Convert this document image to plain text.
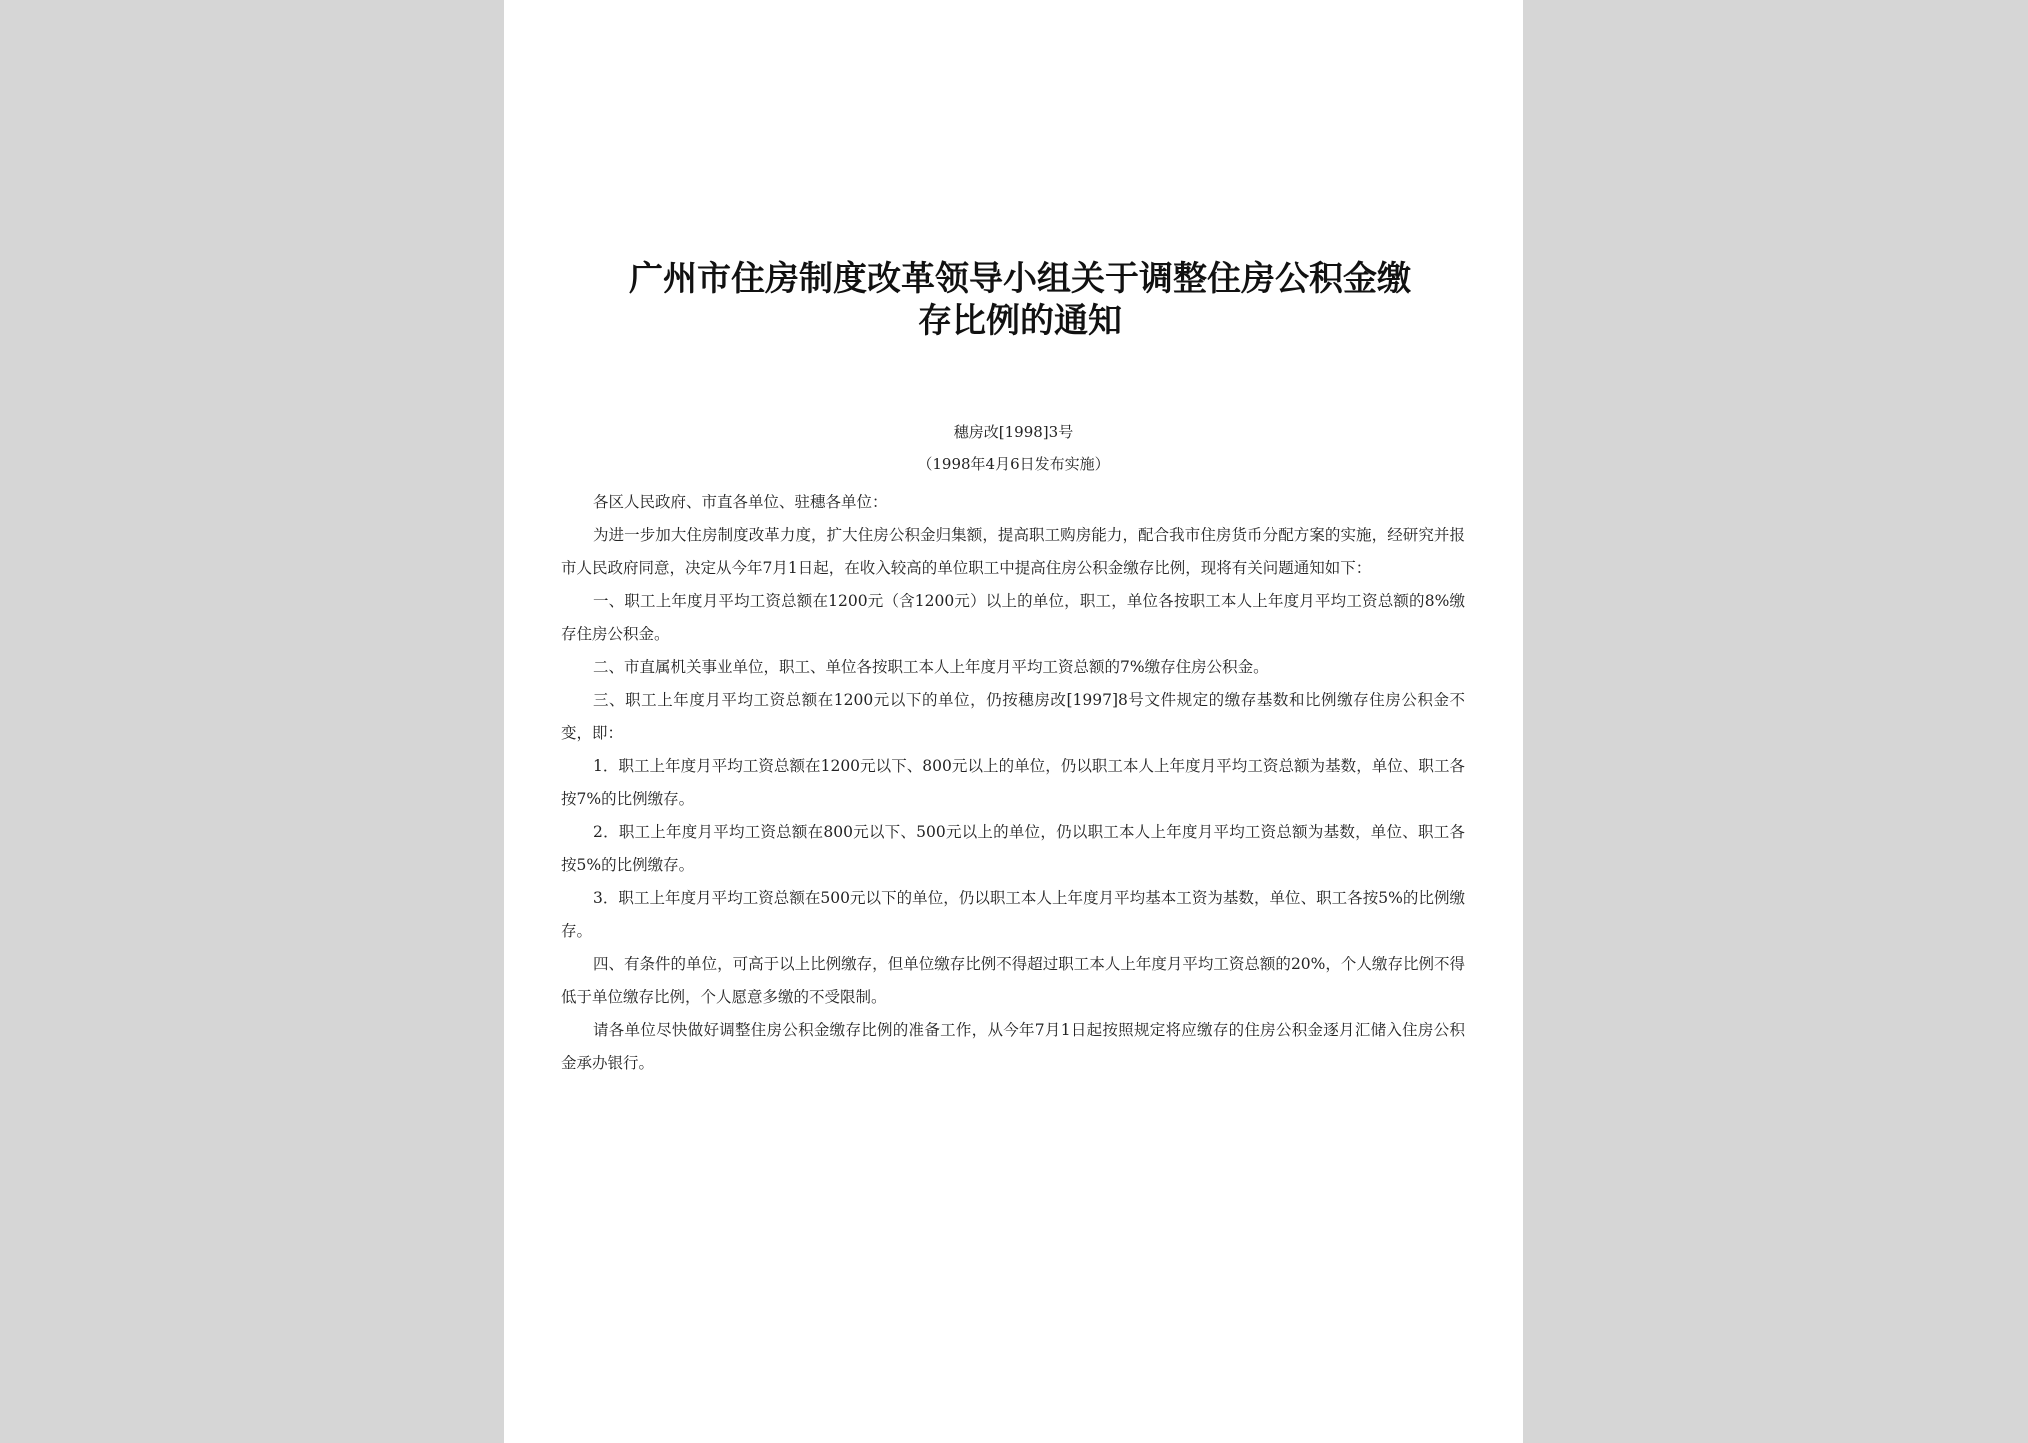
广州市住房制度改革领导小组关于调整住房公积金缴
存比例的通知
穗房改[1998]3号
（1998年4月6日发布实施）

各区人民政府、市直各单位、驻穗各单位：

为进一步加大住房制度改革力度，扩大住房公积金归集额，提高职工购房能力，配合我市住房货币分配方案的实施，经研究并报市人民政府同意，决定从今年7月1日起，在收入较高的单位职工中提高住房公积金缴存比例，现将有关问题通知如下：

一、职工上年度月平均工资总额在1200元（含1200元）以上的单位，职工，单位各按职工本人上年度月平均工资总额的8%缴存住房公积金。

二、市直属机关事业单位，职工、单位各按职工本人上年度月平均工资总额的7%缴存住房公积金。

三、职工上年度月平均工资总额在1200元以下的单位，仍按穗房改[1997]8号文件规定的缴存基数和比例缴存住房公积金不变，即：

1．职工上年度月平均工资总额在1200元以下、800元以上的单位，仍以职工本人上年度月平均工资总额为基数，单位、职工各按7%的比例缴存。

2．职工上年度月平均工资总额在800元以下、500元以上的单位，仍以职工本人上年度月平均工资总额为基数，单位、职工各按5%的比例缴存。

3．职工上年度月平均工资总额在500元以下的单位，仍以职工本人上年度月平均基本工资为基数，单位、职工各按5%的比例缴存。

四、有条件的单位，可高于以上比例缴存，但单位缴存比例不得超过职工本人上年度月平均工资总额的20%，个人缴存比例不得低于单位缴存比例，个人愿意多缴的不受限制。

请各单位尽快做好调整住房公积金缴存比例的准备工作，从今年7月1日起按照规定将应缴存的住房公积金逐月汇储入住房公积金承办银行。
